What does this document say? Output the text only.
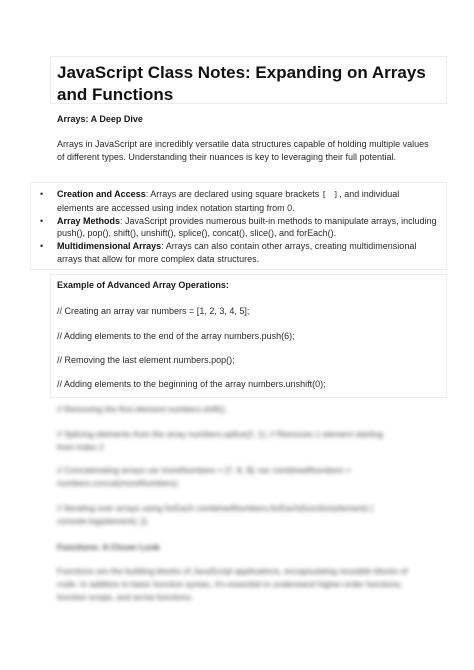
JavaScript Class Notes: Expanding on Arrays and Functions

Arrays: A Deep Dive

Arrays in JavaScript are incredibly versatile data structures capable of holding multiple values of different types. Understanding their nuances is key to leveraging their full potential.

• Creation and Access: Arrays are declared using square brackets [ ], and individual elements are accessed using index notation starting from 0.
• Array Methods: JavaScript provides numerous built-in methods to manipulate arrays, including push(), pop(), shift(), unshift(), splice(), concat(), slice(), and forEach().
• Multidimensional Arrays: Arrays can also contain other arrays, creating multidimensional arrays that allow for more complex data structures.

Example of Advanced Array Operations:

// Creating an array var numbers = [1, 2, 3, 4, 5];

// Adding elements to the end of the array numbers.push(6);

// Removing the last element numbers.pop();

// Adding elements to the beginning of the array numbers.unshift(0);

// Removing the first element numbers.shift();

// Splicing elements from the array numbers.splice(2, 1); // Removes 1 element starting from index 2

// Concatenating arrays var moreNumbers = [7, 8, 9]; var combinedNumbers = numbers.concat(moreNumbers);

// Iterating over arrays using forEach combinedNumbers.forEach(function(element) { console.log(element); });

Functions: A Closer Look

Functions are the building blocks of JavaScript applications, encapsulating reusable blocks of code. In addition to basic function syntax, it's essential to understand higher-order functions, function scope, and arrow functions.
